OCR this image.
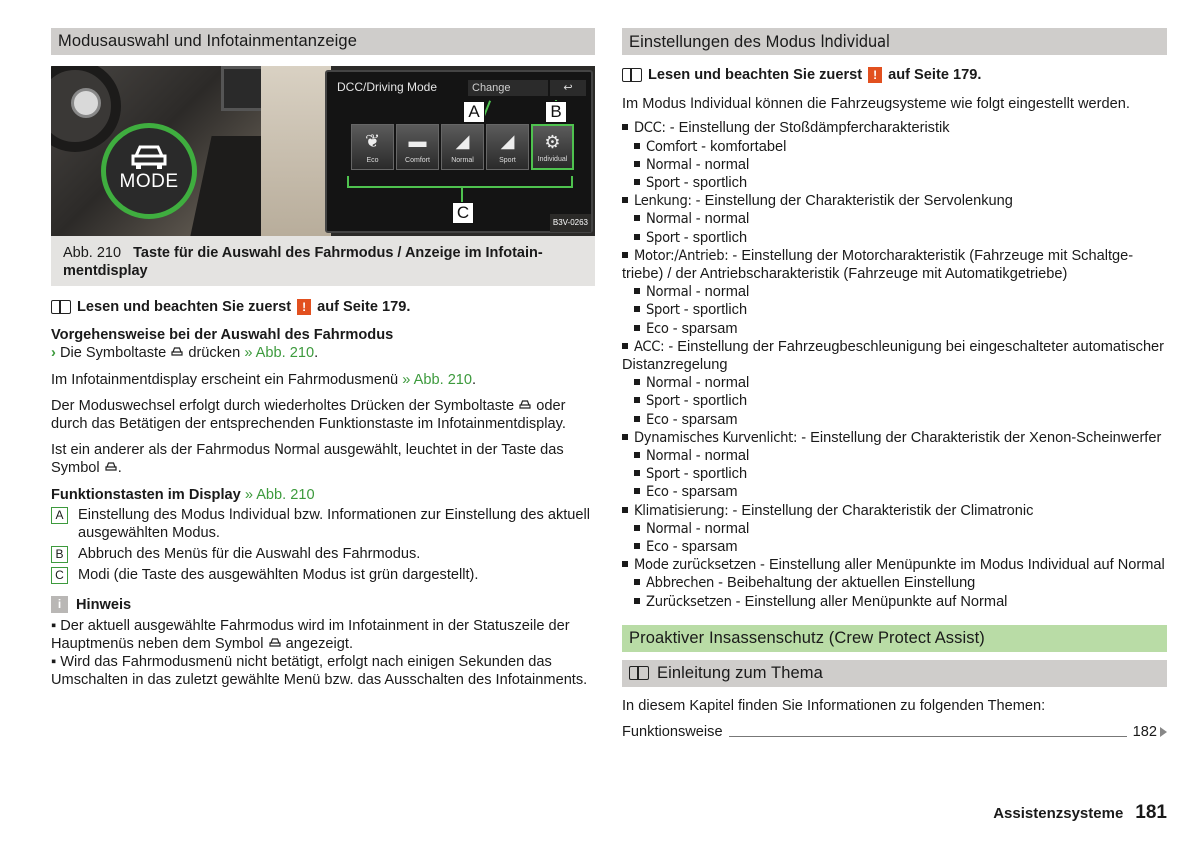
Modusauswahl und Infotainmentanzeige
MODE
DCC/Driving Mode	Change	↩
A	B
❦
Eco
▬
Comfort
◢
Normal
◢
Sport
⚙
Individual
C
B3V-0263
Abb. 210 Taste für die Auswahl des Fahrmodus / Anzeige im Infotainmentdisplay
Lesen und beachten Sie zuerst ! auf Seite 179.

Vorgehensweise bei der Auswahl des Fahrmodus
› Die Symboltaste drücken » Abb. 210.

Im Infotainmentdisplay erscheint ein Fahrmodusmenü » Abb. 210.

Der Moduswechsel erfolgt durch wiederholtes Drücken der Symboltaste oder durch das Betätigen der entsprechenden Funktionstaste im Infotainmentdisplay.

Ist ein anderer als der Fahrmodus Normal ausgewählt, leuchtet in der Taste das Symbol .

Funktionstasten im Display » Abb. 210

A Einstellung des Modus Individual bzw. Informationen zur Einstellung des aktuell ausgewählten Modus.
B Abbruch des Menüs für die Auswahl des Fahrmodus.
C Modi (die Taste des ausgewählten Modus ist grün dargestellt).
i	Hinweis
▪ Der aktuell ausgewählte Fahrmodus wird im Infotainment in der Statuszeile der Hauptmenüs neben dem Symbol angezeigt.
▪ Wird das Fahrmodusmenü nicht betätigt, erfolgt nach einigen Sekunden das Umschalten in das zuletzt gewählte Menü bzw. das Ausschalten des Infotainments.
Einstellungen des Modus Individual
Lesen und beachten Sie zuerst ! auf Seite 179.

Im Modus Individual können die Fahrzeugsysteme wie folgt eingestellt werden.

DCC: - Einstellung der Stoßdämpfercharakteristik
Comfort - komfortabel
Normal - normal
Sport - sportlich
Lenkung: - Einstellung der Charakteristik der Servolenkung
Normal - normal
Sport - sportlich
Motor:/Antrieb: - Einstellung der Motorcharakteristik (Fahrzeuge mit Schaltgetriebe) / der Antriebscharakteristik (Fahrzeuge mit Automatikgetriebe)
Normal - normal
Sport - sportlich
Eco - sparsam
ACC: - Einstellung der Fahrzeugbeschleunigung bei eingeschalteter automatischer Distanzregelung
Normal - normal
Sport - sportlich
Eco - sparsam
Dynamisches Kurvenlicht: - Einstellung der Charakteristik der Xenon-Scheinwerfer
Normal - normal
Sport - sportlich
Eco - sparsam
Klimatisierung: - Einstellung der Charakteristik der Climatronic
Normal - normal
Eco - sparsam
Mode zurücksetzen - Einstellung aller Menüpunkte im Modus Individual auf Normal
Abbrechen - Beibehaltung der aktuellen Einstellung
Zurücksetzen - Einstellung aller Menüpunkte auf Normal
Proaktiver Insassenschutz (Crew Protect Assist)
Einleitung zum Thema

In diesem Kapitel finden Sie Informationen zu folgenden Themen:

Funktionsweise	182
Assistenzsysteme 181
